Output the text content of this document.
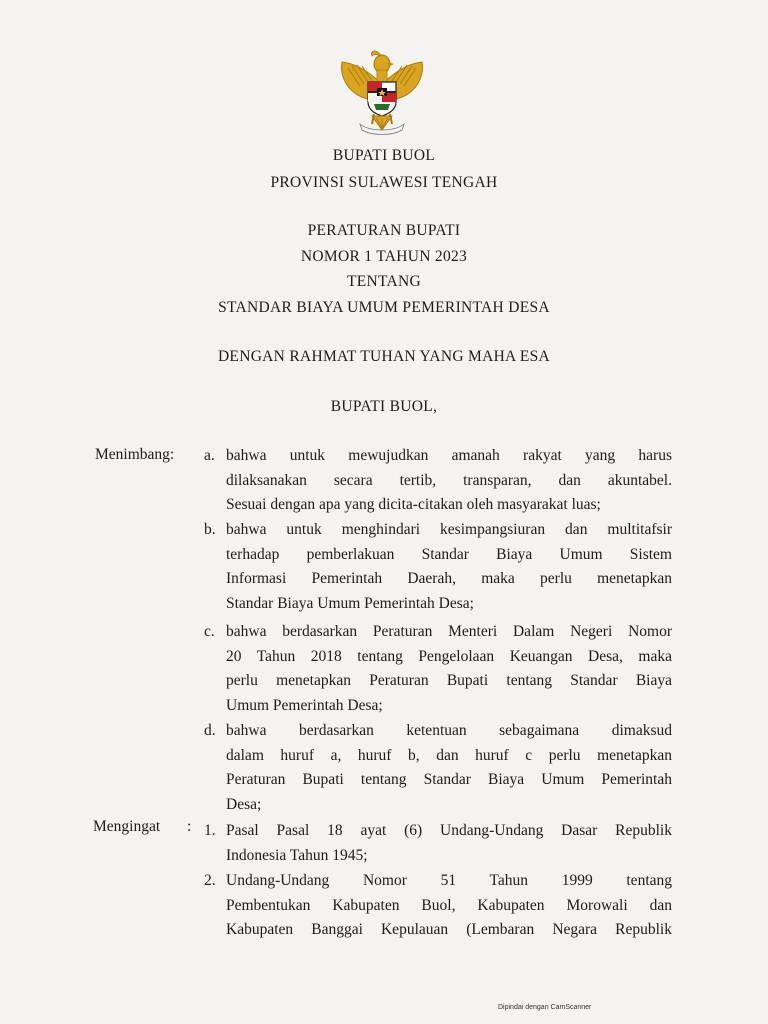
BUPATI BUOL
PROVINSI SULAWESI TENGAH
PERATURAN BUPATI
NOMOR 1 TAHUN 2023
TENTANG
STANDAR BIAYA UMUM PEMERINTAH DESA
DENGAN RAHMAT TUHAN YANG MAHA ESA
BUPATI BUOL,
Menimbang: a. bahwa untuk mewujudkan amanah rakyat yang harus
dilaksanakan secara tertib, transparan, dan akuntabel.
Sesuai dengan apa yang dicita-citakan oleh masyarakat luas;
b. bahwa untuk menghindari kesimpangsiuran dan multitafsir
terhadap pemberlakuan Standar Biaya Umum Sistem
Informasi Pemerintah Daerah, maka perlu menetapkan
Standar Biaya Umum Pemerintah Desa;
c. bahwa berdasarkan Peraturan Menteri Dalam Negeri Nomor
20 Tahun 2018 tentang Pengelolaan Keuangan Desa, maka
perlu menetapkan Peraturan Bupati tentang Standar Biaya
Umum Pemerintah Desa;
d. bahwa berdasarkan ketentuan sebagaimana dimaksud
dalam huruf a, huruf b, dan huruf c perlu menetapkan
Peraturan Bupati tentang Standar Biaya Umum Pemerintah
Desa;
Mengingat : 1. Pasal Pasal 18 ayat (6) Undang-Undang Dasar Republik
Indonesia Tahun 1945;
2. Undang-Undang Nomor 51 Tahun 1999 tentang
Pembentukan Kabupaten Buol, Kabupaten Morowali dan
Kabupaten Banggai Kepulauan (Lembaran Negara Republik
Dipindai dengan CamScanner
